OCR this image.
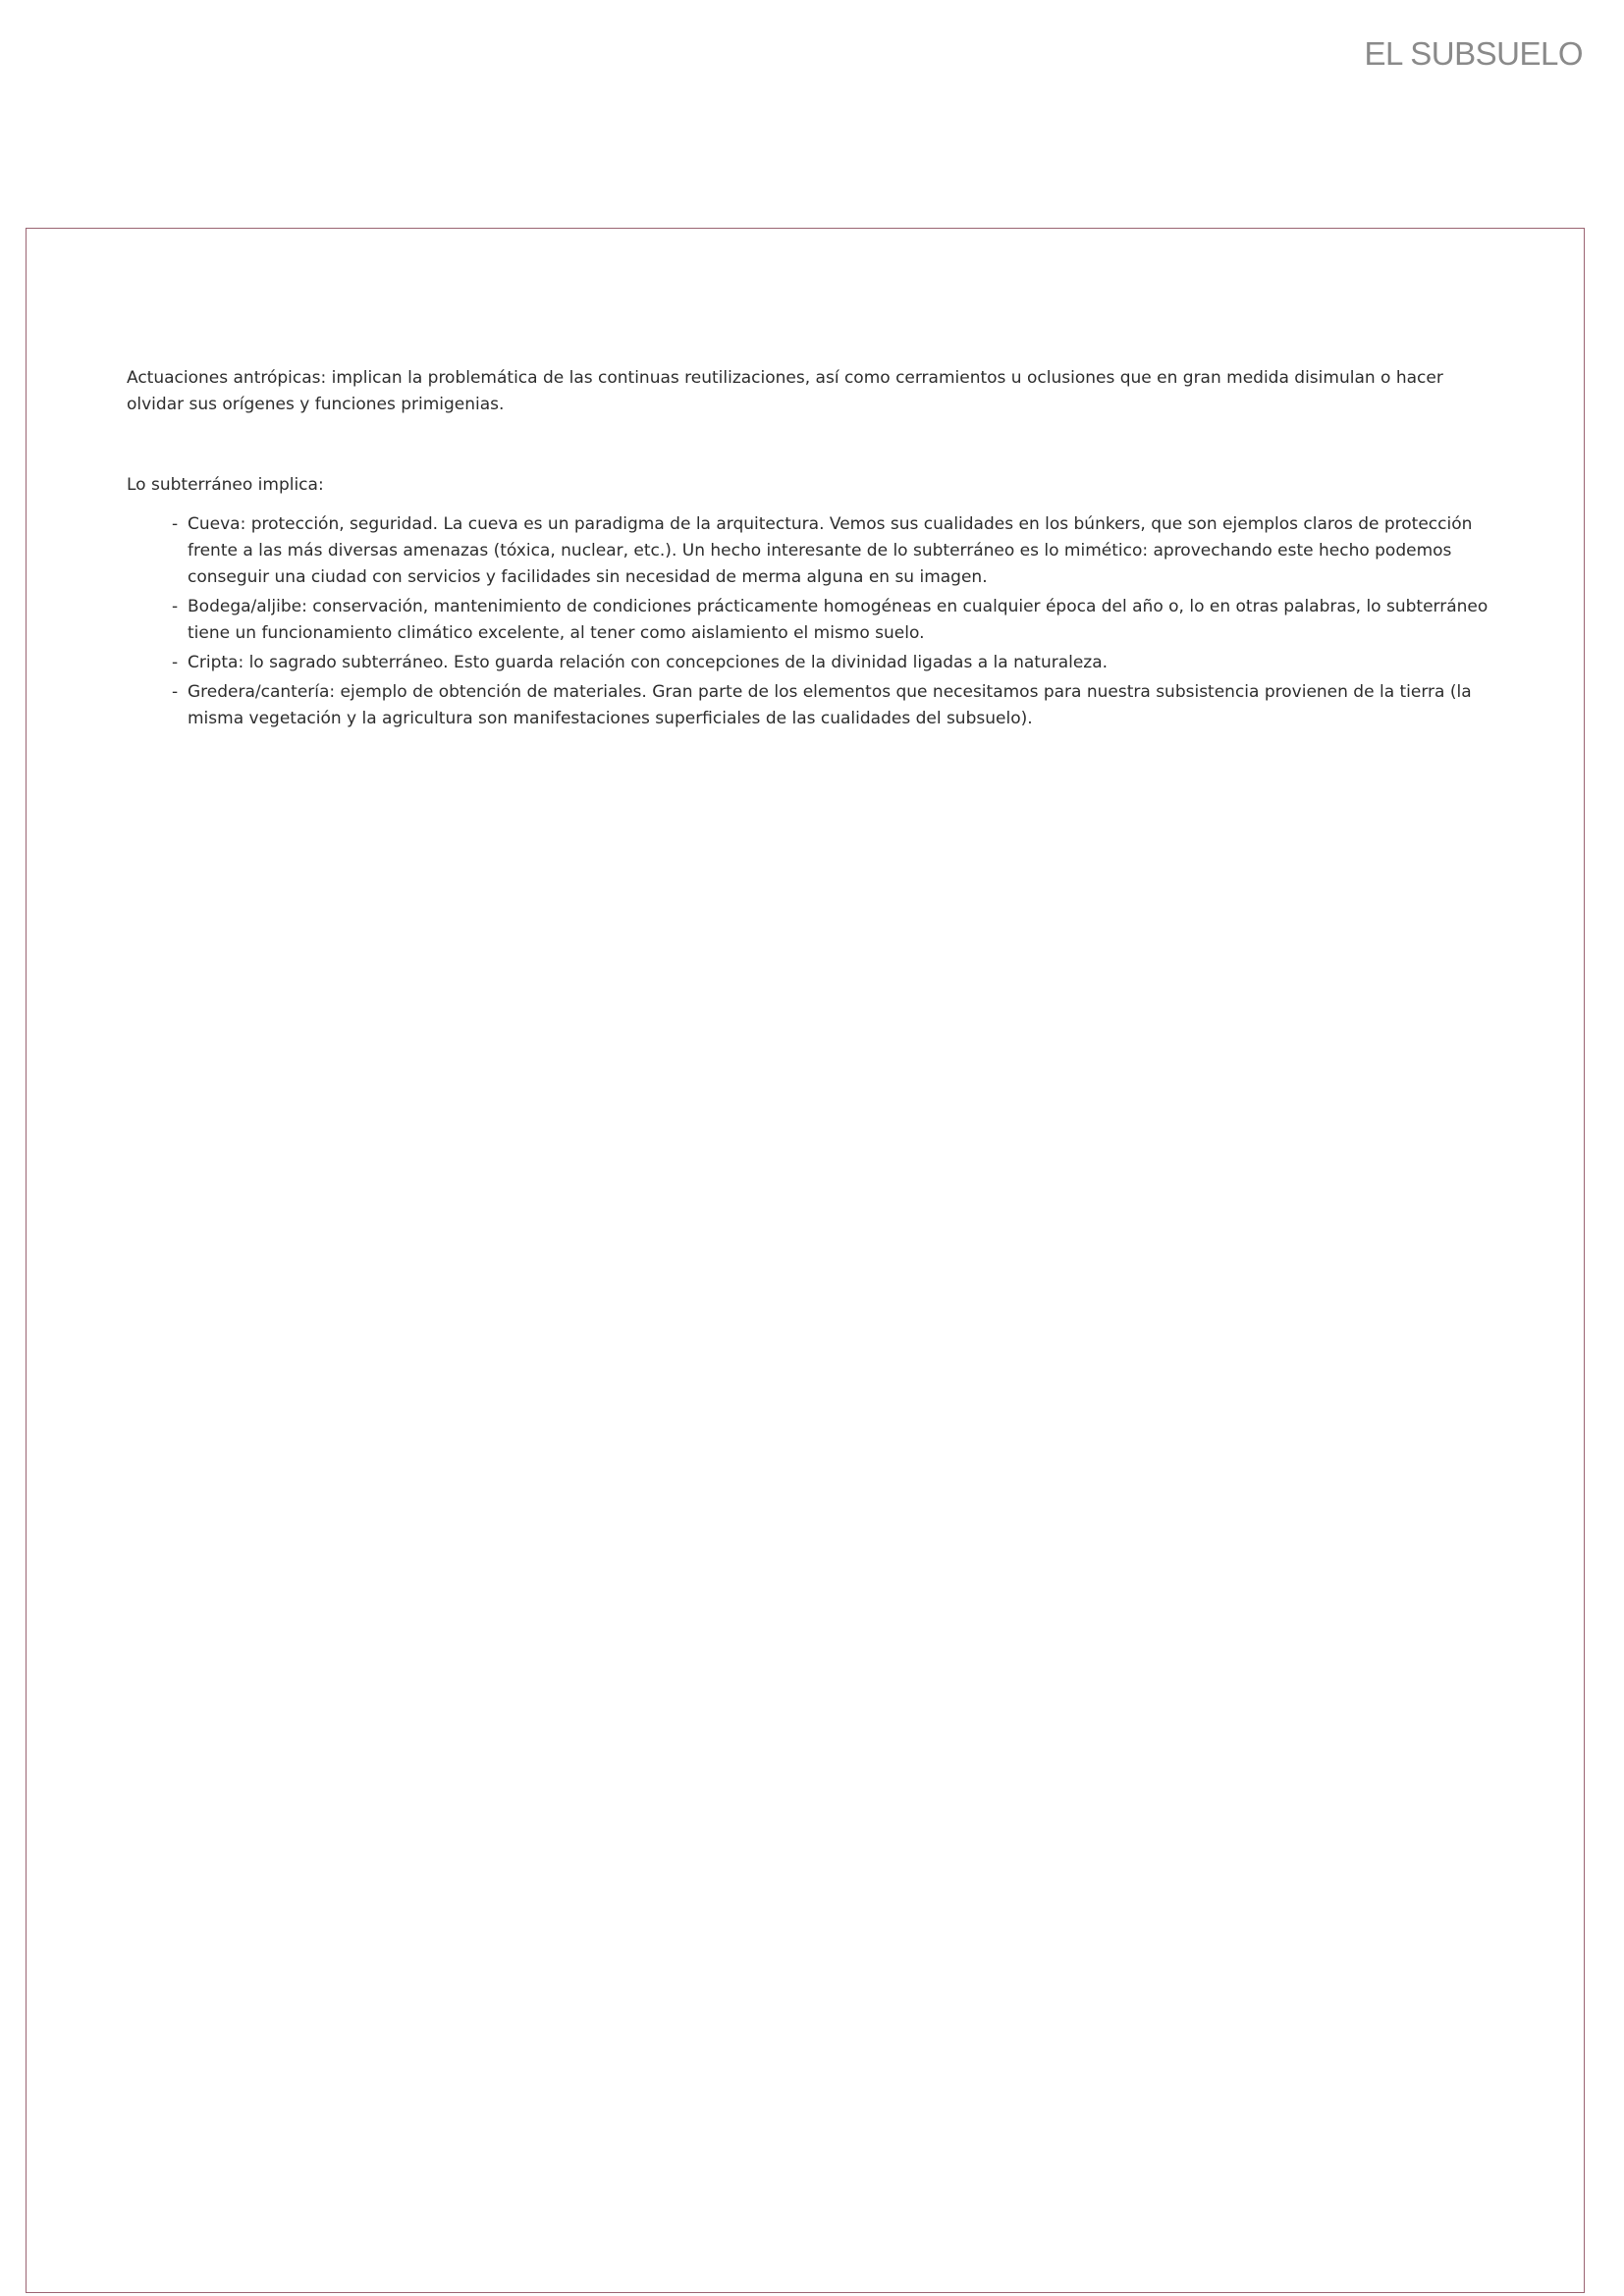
EL SUBSUELO

Actuaciones antrópicas: implican la problemática de las continuas reutilizaciones, así como cerramientos u oclusiones que en gran medida disimulan o hacer olvidar sus orígenes y funciones primigenias.

Lo subterráneo implica:

- Cueva: protección, seguridad. La cueva es un paradigma de la arquitectura. Vemos sus cualidades en los búnkers, que son ejemplos claros de protección frente a las más diversas amenazas (tóxica, nuclear, etc.). Un hecho interesante de lo subterráneo es lo mimético: aprovechando este hecho podemos conseguir una ciudad con servicios y facilidades sin necesidad de merma alguna en su imagen.
- Bodega/aljibe: conservación, mantenimiento de condiciones prácticamente homogéneas en cualquier época del año o, lo en otras palabras, lo subterráneo tiene un funcionamiento climático excelente, al tener como aislamiento el mismo suelo.
- Cripta: lo sagrado subterráneo. Esto guarda relación con concepciones de la divinidad ligadas a la naturaleza.
- Gredera/cantería: ejemplo de obtención de materiales. Gran parte de los elementos que necesitamos para nuestra subsistencia provienen de la tierra (la misma vegetación y la agricultura son manifestaciones superficiales de las cualidades del subsuelo).
